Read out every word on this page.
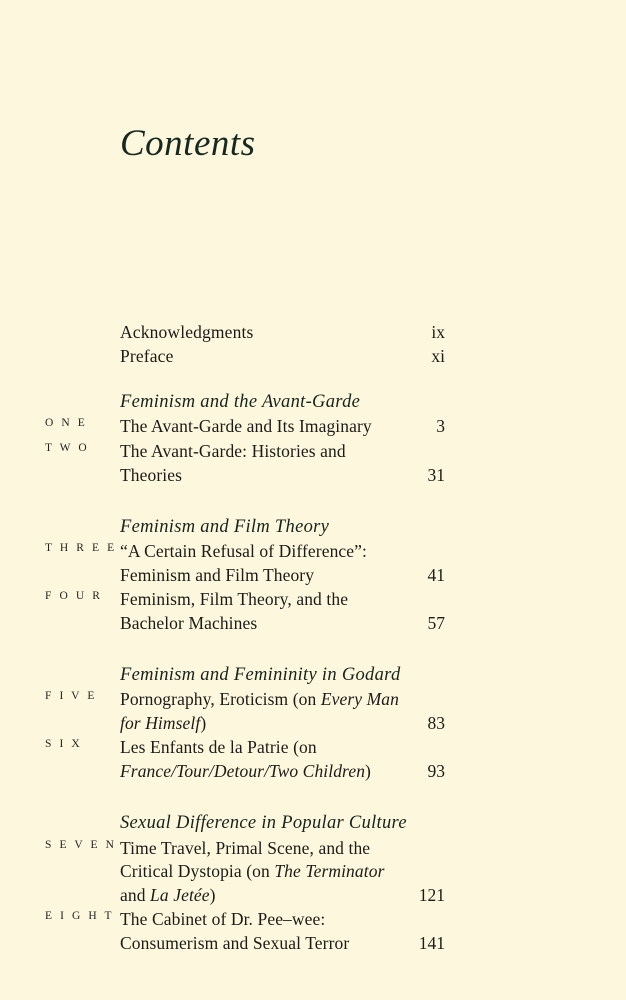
Contents
Acknowledgments	ix
Preface	xi
Feminism and the Avant-Garde
O N E The Avant-Garde and Its Imaginary	3
T W O The Avant-Garde: Histories and
Theories	31
Feminism and Film Theory
T H R E E “A Certain Refusal of Difference”:
Feminism and Film Theory	41
F O U R Feminism, Film Theory, and the
Bachelor Machines	57
Feminism and Femininity in Godard
F I V E Pornography, Eroticism (on Every Man
for Himself)	83
S I X Les Enfants de la Patrie (on
France/Tour/Detour/Two Children)	93
Sexual Difference in Popular Culture
S E V E N Time Travel, Primal Scene, and the
Critical Dystopia (on The Terminator
and La Jetée)	121
E I G H T The Cabinet of Dr. Pee–wee:
Consumerism and Sexual Terror	141
